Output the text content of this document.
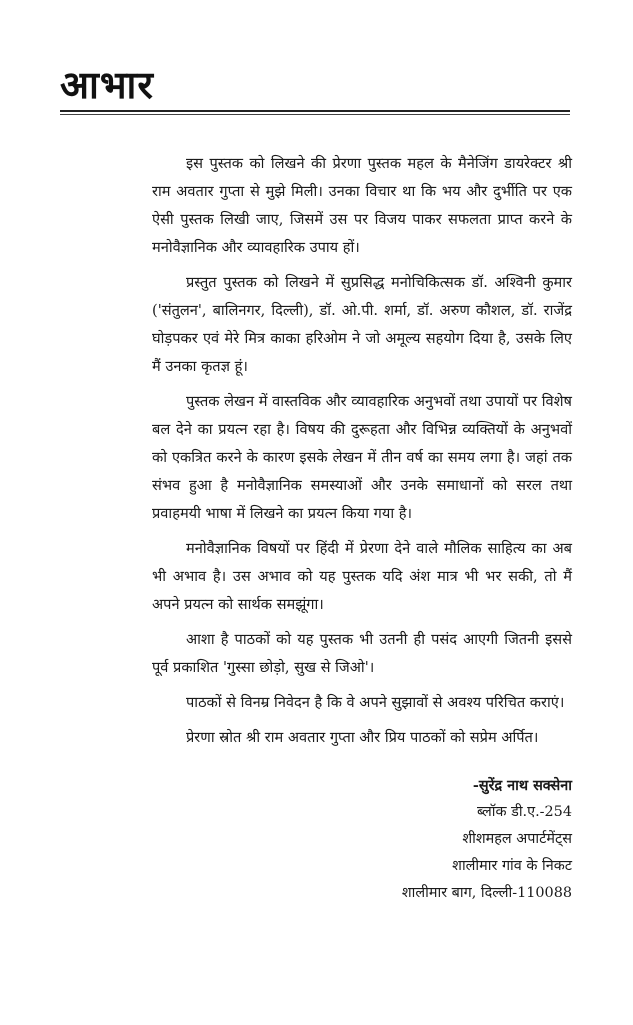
आभार

इस पुस्तक को लिखने की प्रेरणा पुस्तक महल के मैनेजिंग डायरेक्टर श्री राम अवतार गुप्ता से मुझे मिली। उनका विचार था कि भय और दुर्भीति पर एक ऐसी पुस्तक लिखी जाए, जिसमें उस पर विजय पाकर सफलता प्राप्त करने के मनोवैज्ञानिक और व्यावहारिक उपाय हों।

प्रस्तुत पुस्तक को लिखने में सुप्रसिद्ध मनोचिकित्सक डॉ. अश्विनी कुमार ('संतुलन', बालिनगर, दिल्ली), डॉ. ओ.पी. शर्मा, डॉ. अरुण कौशल, डॉ. राजेंद्र घोड़पकर एवं मेरे मित्र काका हरिओम ने जो अमूल्य सहयोग दिया है, उसके लिए मैं उनका कृतज्ञ हूं।

पुस्तक लेखन में वास्तविक और व्यावहारिक अनुभवों तथा उपायों पर विशेष बल देने का प्रयत्न रहा है। विषय की दुरूहता और विभिन्न व्यक्तियों के अनुभवों को एकत्रित करने के कारण इसके लेखन में तीन वर्ष का समय लगा है। जहां तक संभव हुआ है मनोवैज्ञानिक समस्याओं और उनके समाधानों को सरल तथा प्रवाहमयी भाषा में लिखने का प्रयत्न किया गया है।

मनोवैज्ञानिक विषयों पर हिंदी में प्रेरणा देने वाले मौलिक साहित्य का अब भी अभाव है। उस अभाव को यह पुस्तक यदि अंश मात्र भी भर सकी, तो मैं अपने प्रयत्न को सार्थक समझूंगा।

आशा है पाठकों को यह पुस्तक भी उतनी ही पसंद आएगी जितनी इससे पूर्व प्रकाशित 'गुस्सा छोड़ो, सुख से जिओ'।

पाठकों से विनम्र निवेदन है कि वे अपने सुझावों से अवश्य परिचित कराएं।

प्रेरणा स्रोत श्री राम अवतार गुप्ता और प्रिय पाठकों को सप्रेम अर्पित।

-सुरेंद्र नाथ सक्सेना
ब्लॉक डी.ए.-254
शीशमहल अपार्टमेंट्स
शालीमार गांव के निकट
शालीमार बाग, दिल्ली-110088
